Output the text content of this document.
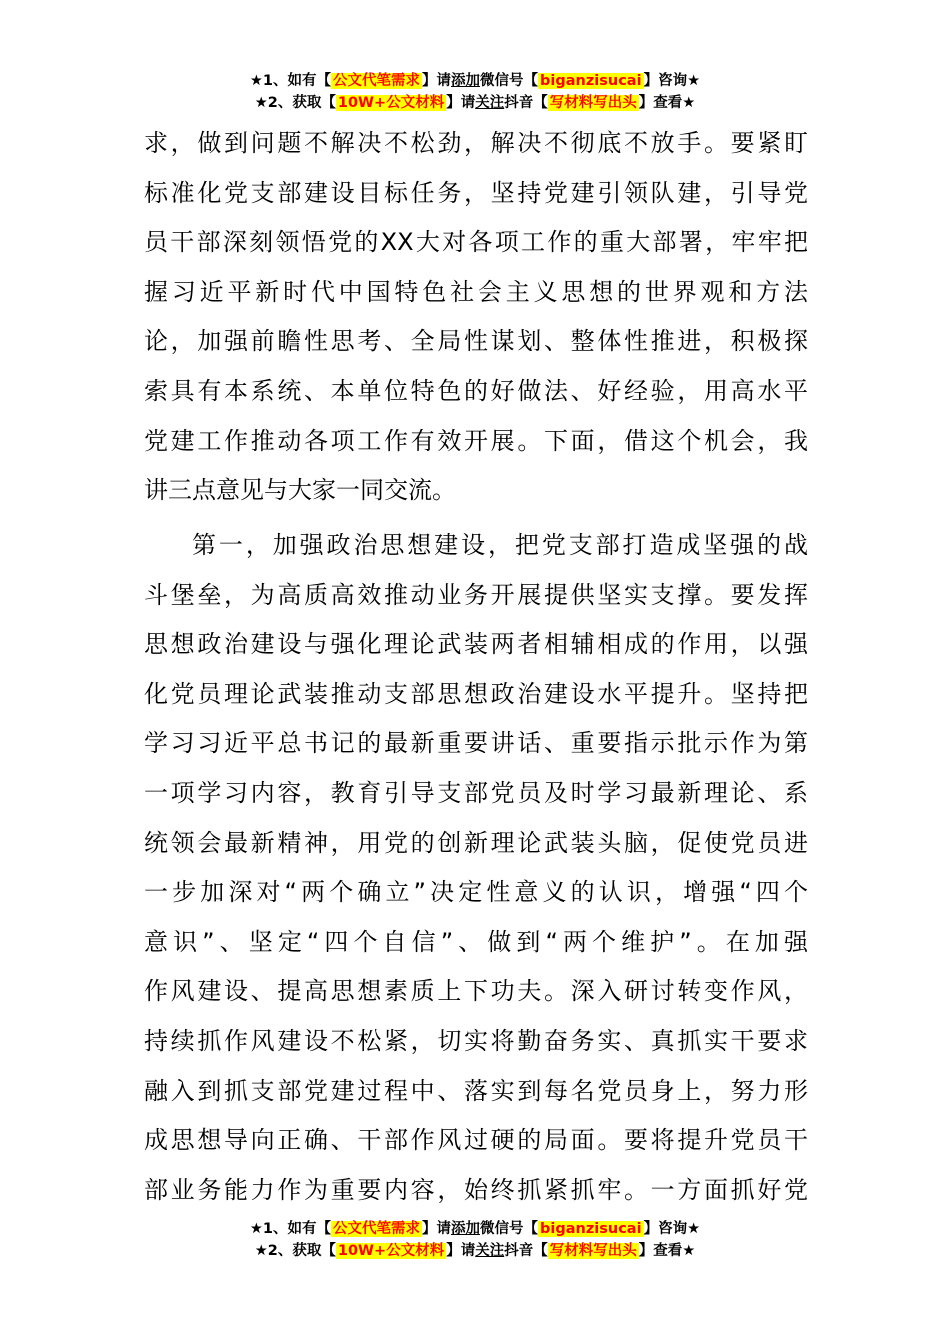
★1、如有【 公文代笔需求 】请添加微信号【 biganzisucai 】咨询★
★2、获取【 10W+公文材料 】请关注抖音【 写材料写出头 】查看★
求，做到问题不解决不松劲，解决不彻底不放手。要紧盯
标准化党支部建设目标任务，坚持党建引领队建，引导党
员干部深刻领悟党的XX大对各项工作的重大部署，牢牢把
握习近平新时代中国特色社会主义思想的世界观和方法
论，加强前瞻性思考、全局性谋划、整体性推进，积极探
索具有本系统、本单位特色的好做法、好经验，用高水平
党建工作推动各项工作有效开展。下面，借这个机会，我
讲三点意见与大家一同交流。
第一，加强政治思想建设，把党支部打造成坚强的战
斗堡垒，为高质高效推动业务开展提供坚实支撑。要发挥
思想政治建设与强化理论武装两者相辅相成的作用，以强
化党员理论武装推动支部思想政治建设水平提升。坚持把
学习习近平总书记的最新重要讲话、重要指示批示作为第
一项学习内容，教育引导支部党员及时学习最新理论、系
统领会最新精神，用党的创新理论武装头脑，促使党员进
一步加深对“两个确立”决定性意义的认识，增强“四个
意识”、坚定“四个自信”、做到“两个维护”。在加强
作风建设、提高思想素质上下功夫。深入研讨转变作风，
持续抓作风建设不松紧，切实将勤奋务实、真抓实干要求
融入到抓支部党建过程中、落实到每名党员身上，努力形
成思想导向正确、干部作风过硬的局面。要将提升党员干
部业务能力作为重要内容，始终抓紧抓牢。一方面抓好党
★1、如有【 公文代笔需求 】请添加微信号【 biganzisucai 】咨询★
★2、获取【 10W+公文材料 】请关注抖音【 写材料写出头 】查看★
